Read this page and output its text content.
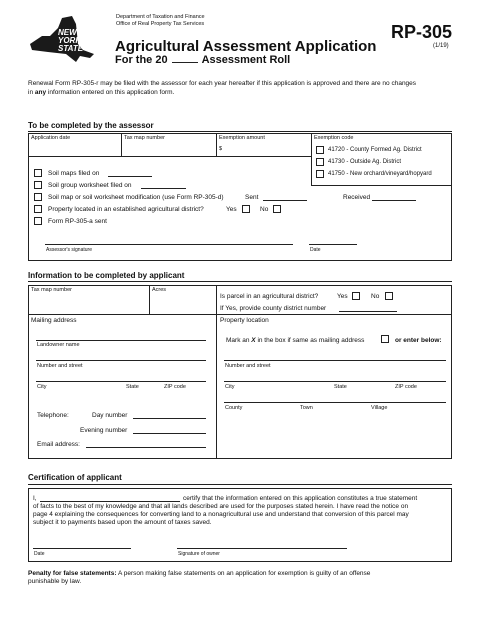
NEW YORK STATE
Department of Taxation and Finance
Office of Real Property Tax Services
Agricultural Assessment Application
For the 20	Assessment Roll
RP-305
(1/19)
Renewal Form RP-305-r may be filed with the assessor for each year hereafter if this application is approved and there are no changes
in any information entered on this application form.
To be completed by the assessor
Application date	Tax map number	Exemption amount
$
Exemption code
41720 - County Formed Ag. District
41730 - Outside Ag. District
41750 - New orchard/vineyard/hopyard
Soil maps filed on
Soil group worksheet filed on
Soil map or soil worksheet modification (use Form RP-305-d)	Sent	Received
Property located in an established agricultural district?	Yes	No
Form RP-305-a sent
Assessor's signature	Date
Information to be completed by applicant
Tax map number	Acres
Is parcel in an agricultural district?	Yes	No
If Yes, provide county district number
Mailing address
Landowner name
Number and street
City	State	ZIP code
Telephone:	Day number
Evening number
Email address:
Property location
Mark an X in the box if same as mailing address	or enter below:
Number and street
City	State	ZIP code
County	Town	Village
Certification of applicant
I,	certify that the information entered on this application constitutes a true statement
of facts to the best of my knowledge and that all lands described are used for the purposes stated herein. I have read the notice on
page 4 explaining the consequences for converting land to a nonagricultural use and understand that conversion of this parcel may
subject it to payments based upon the amount of taxes saved.
Date	Signature of owner
Penalty for false statements: A person making false statements on an application for exemption is guilty of an offense
punishable by law.
